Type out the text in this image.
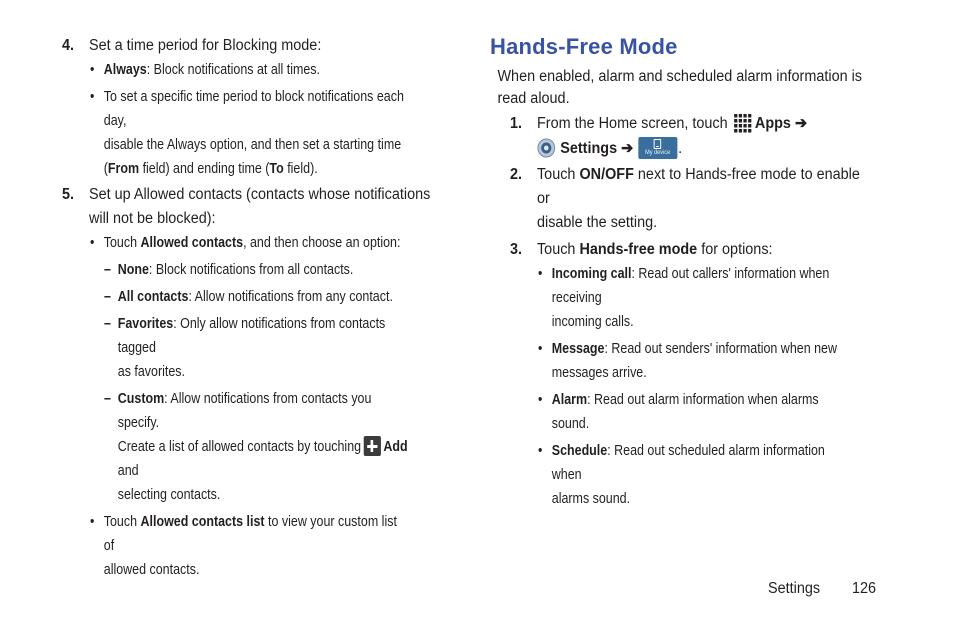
4. Set a time period for Blocking mode:
• Always: Block notifications at all times.
• To set a specific time period to block notifications each day,
disable the Always option, and then set a starting time
(From field) and ending time (To field).
5. Set up Allowed contacts (contacts whose notifications
will not be blocked):
• Touch Allowed contacts, and then choose an option:
– None: Block notifications from all contacts.
– All contacts: Allow notifications from any contact.
– Favorites: Only allow notifications from contacts tagged
as favorites.
– Custom: Allow notifications from contacts you specify.
Create a list of allowed contacts by touching Add and
selecting contacts.
• Touch Allowed contacts list to view your custom list of
allowed contacts.
Hands-Free Mode
When enabled, alarm and scheduled alarm information is
read aloud.
1. From the Home screen, touch Apps ➔
Settings ➔	My device .
2. Touch ON/OFF next to Hands-free mode to enable or
disable the setting.
3. Touch Hands-free mode for options:
• Incoming call: Read out callers' information when receiving
incoming calls.
• Message: Read out senders' information when new
messages arrive.
• Alarm: Read out alarm information when alarms sound.
• Schedule: Read out scheduled alarm information when
alarms sound.
Settings 126
